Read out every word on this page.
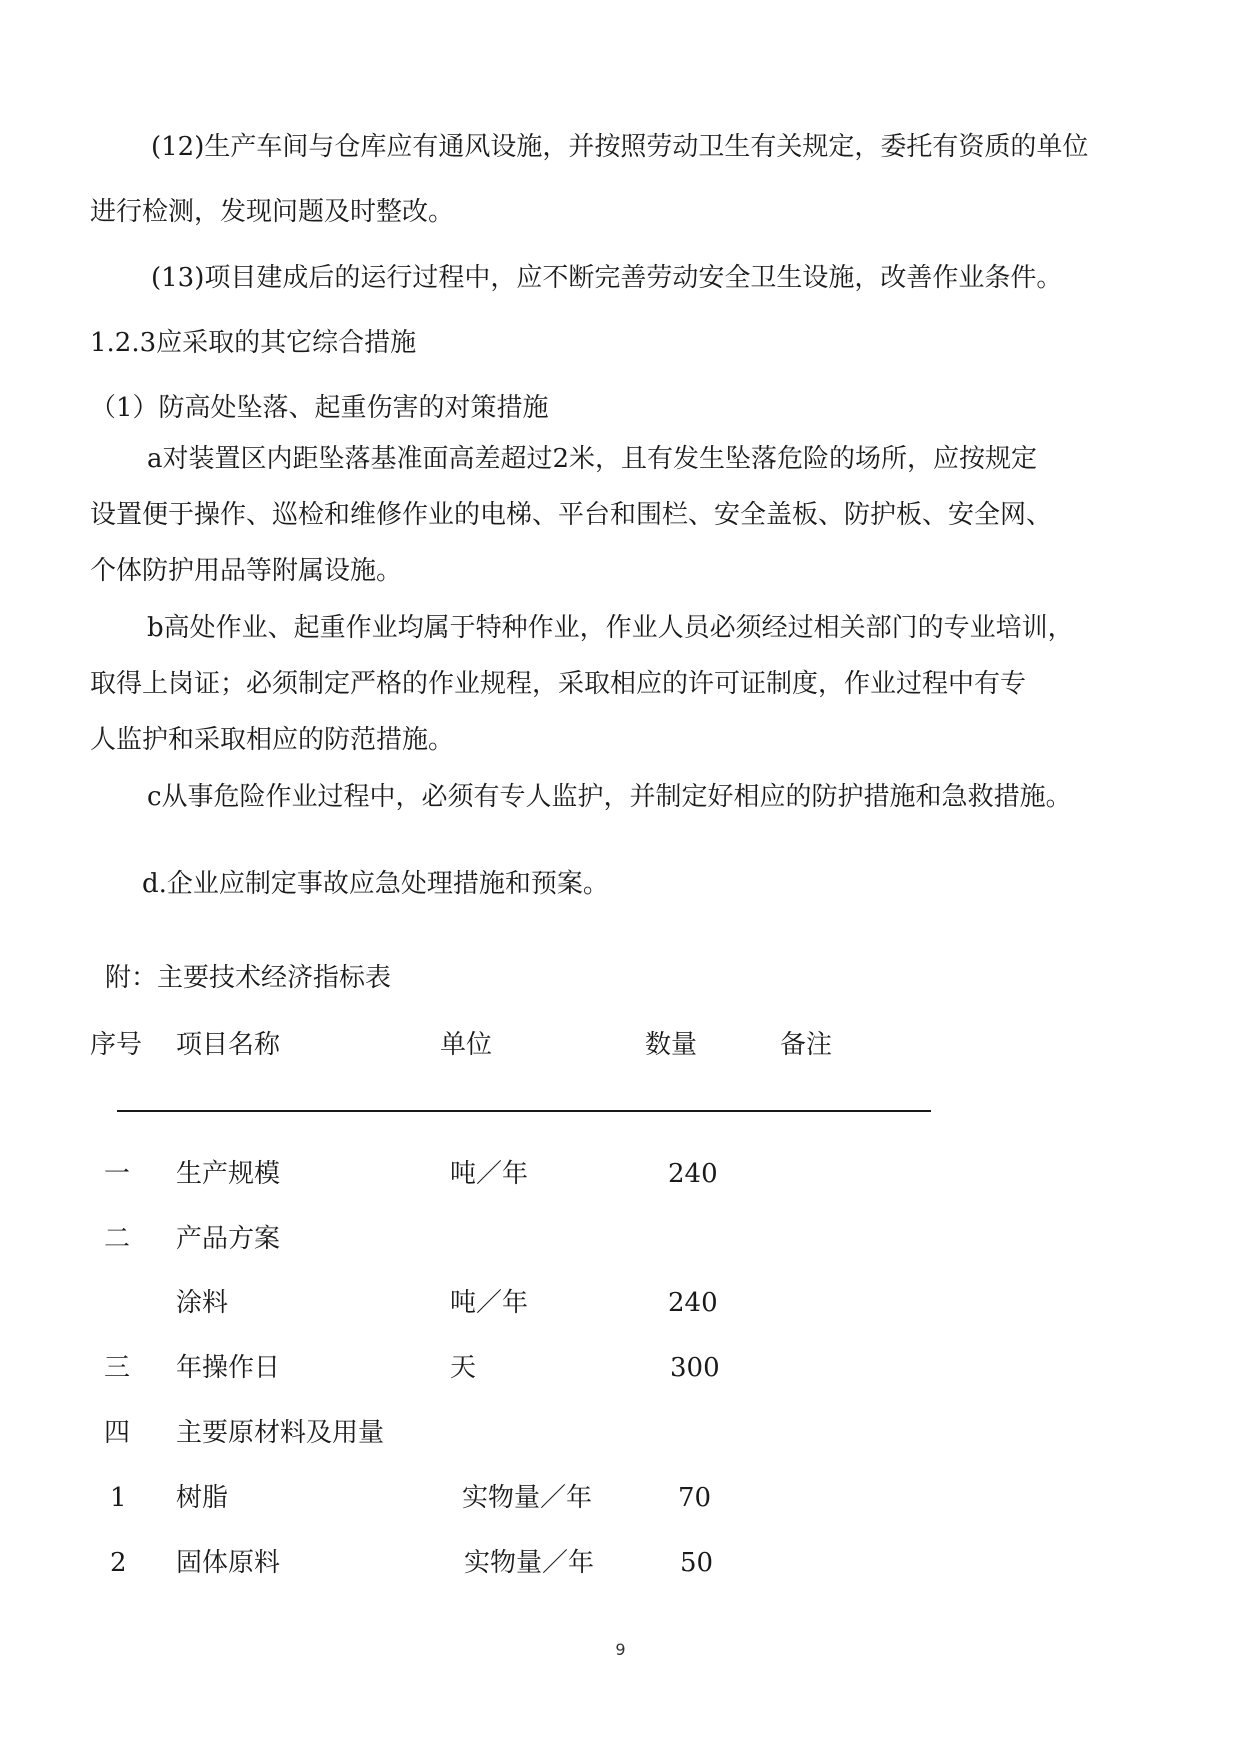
(12)生产车间与仓库应有通风设施，并按照劳动卫生有关规定，委托有资质的单位
进行检测，发现问题及时整改。
(13)项目建成后的运行过程中，应不断完善劳动安全卫生设施，改善作业条件。
1.2.3应采取的其它综合措施
（1）防高处坠落、起重伤害的对策措施
a对装置区内距坠落基准面高差超过2米，且有发生坠落危险的场所，应按规定
设置便于操作、巡检和维修作业的电梯、平台和围栏、安全盖板、防护板、安全网、
个体防护用品等附属设施。
b高处作业、起重作业均属于特种作业，作业人员必须经过相关部门的专业培训，
取得上岗证；必须制定严格的作业规程，采取相应的许可证制度，作业过程中有专
人监护和采取相应的防范措施。
c从事危险作业过程中，必须有专人监护，并制定好相应的防护措施和急救措施。
d.企业应制定事故应急处理措施和预案。
附：主要技术经济指标表
序号 项目名称	单位	数量	备注
一 生产规模	吨／年	240
二 产品方案
涂料	吨／年	240
三 年操作日	天	300
四 主要原材料及用量
1 树脂	实物量／年	70
2 固体原料	实物量／年	50
9
